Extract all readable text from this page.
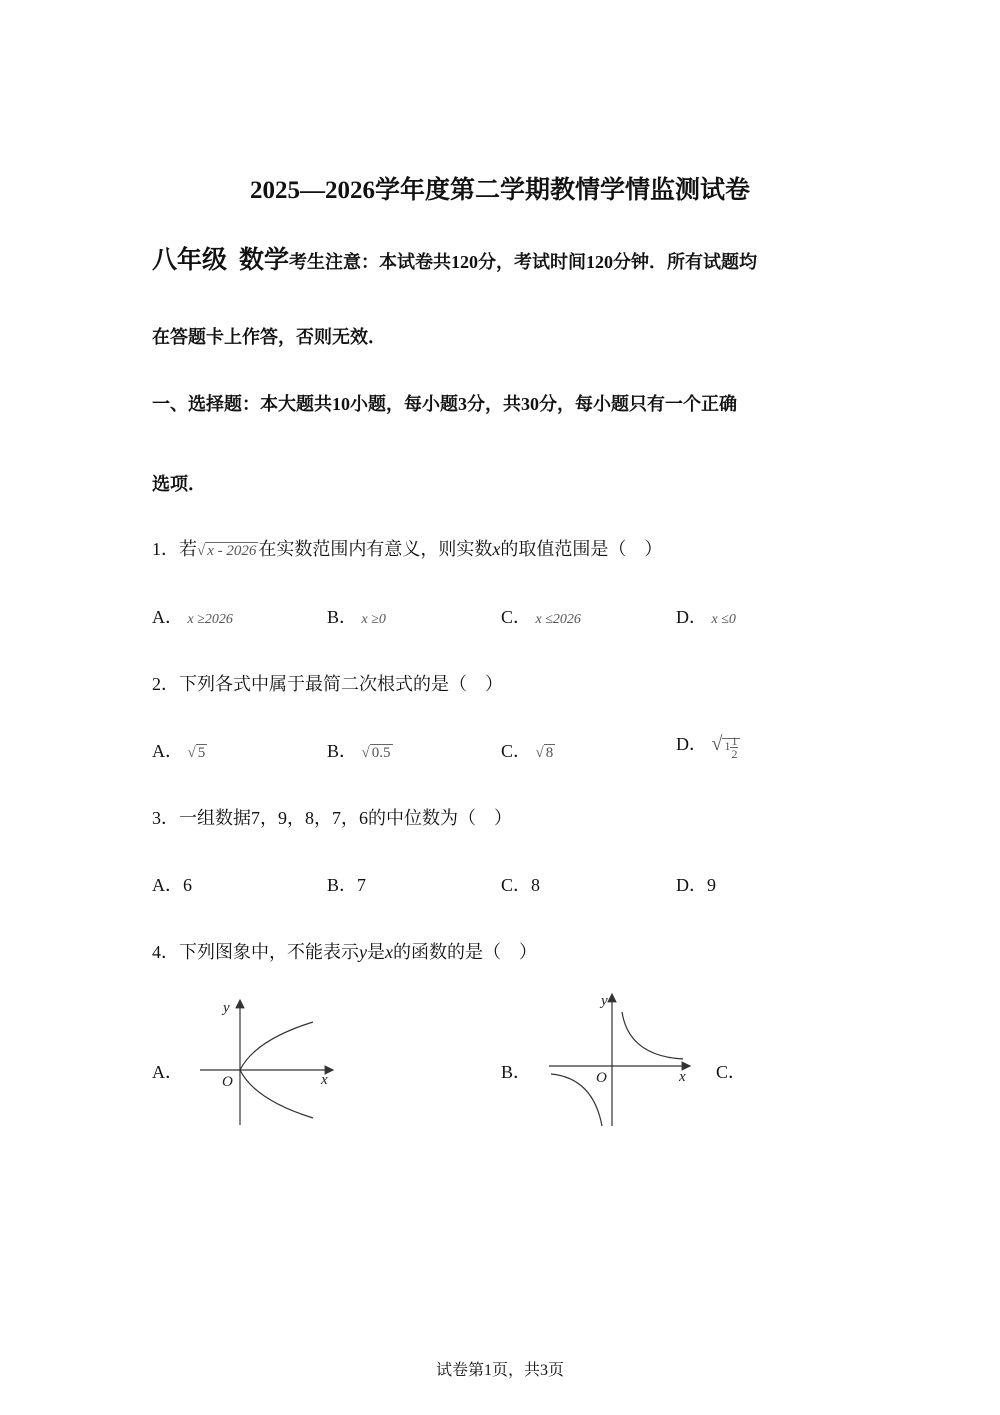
2025—2026学年度第二学期教情学情监测试卷
八年级 数学考生注意：本试卷共120分，考试时间120分钟．所有试题均
在答题卡上作答，否则无效．
一、选择题：本大题共10小题，每小题3分，共30分，每小题只有一个正确
选项．
1．若√ x - 2026 在实数范围内有意义，则实数x的取值范围是（　）
A． x ≥2026	B． x ≥0	C． x ≤2026	D． x ≤0
2．下列各式中属于最简二次根式的是（　）
A． √ 5	B． √ 0.5	C． √ 8	D． √ $1 \frac{1}{2}$
3．一组数据7，9，8，7，6的中位数为（　）
A．6	B．7	C．8	D．9
4．下列图象中，不能表示y是x的函数的是（　）
A．
y
x
O	B．
y
x
O	C．
试卷第1页，共3页
